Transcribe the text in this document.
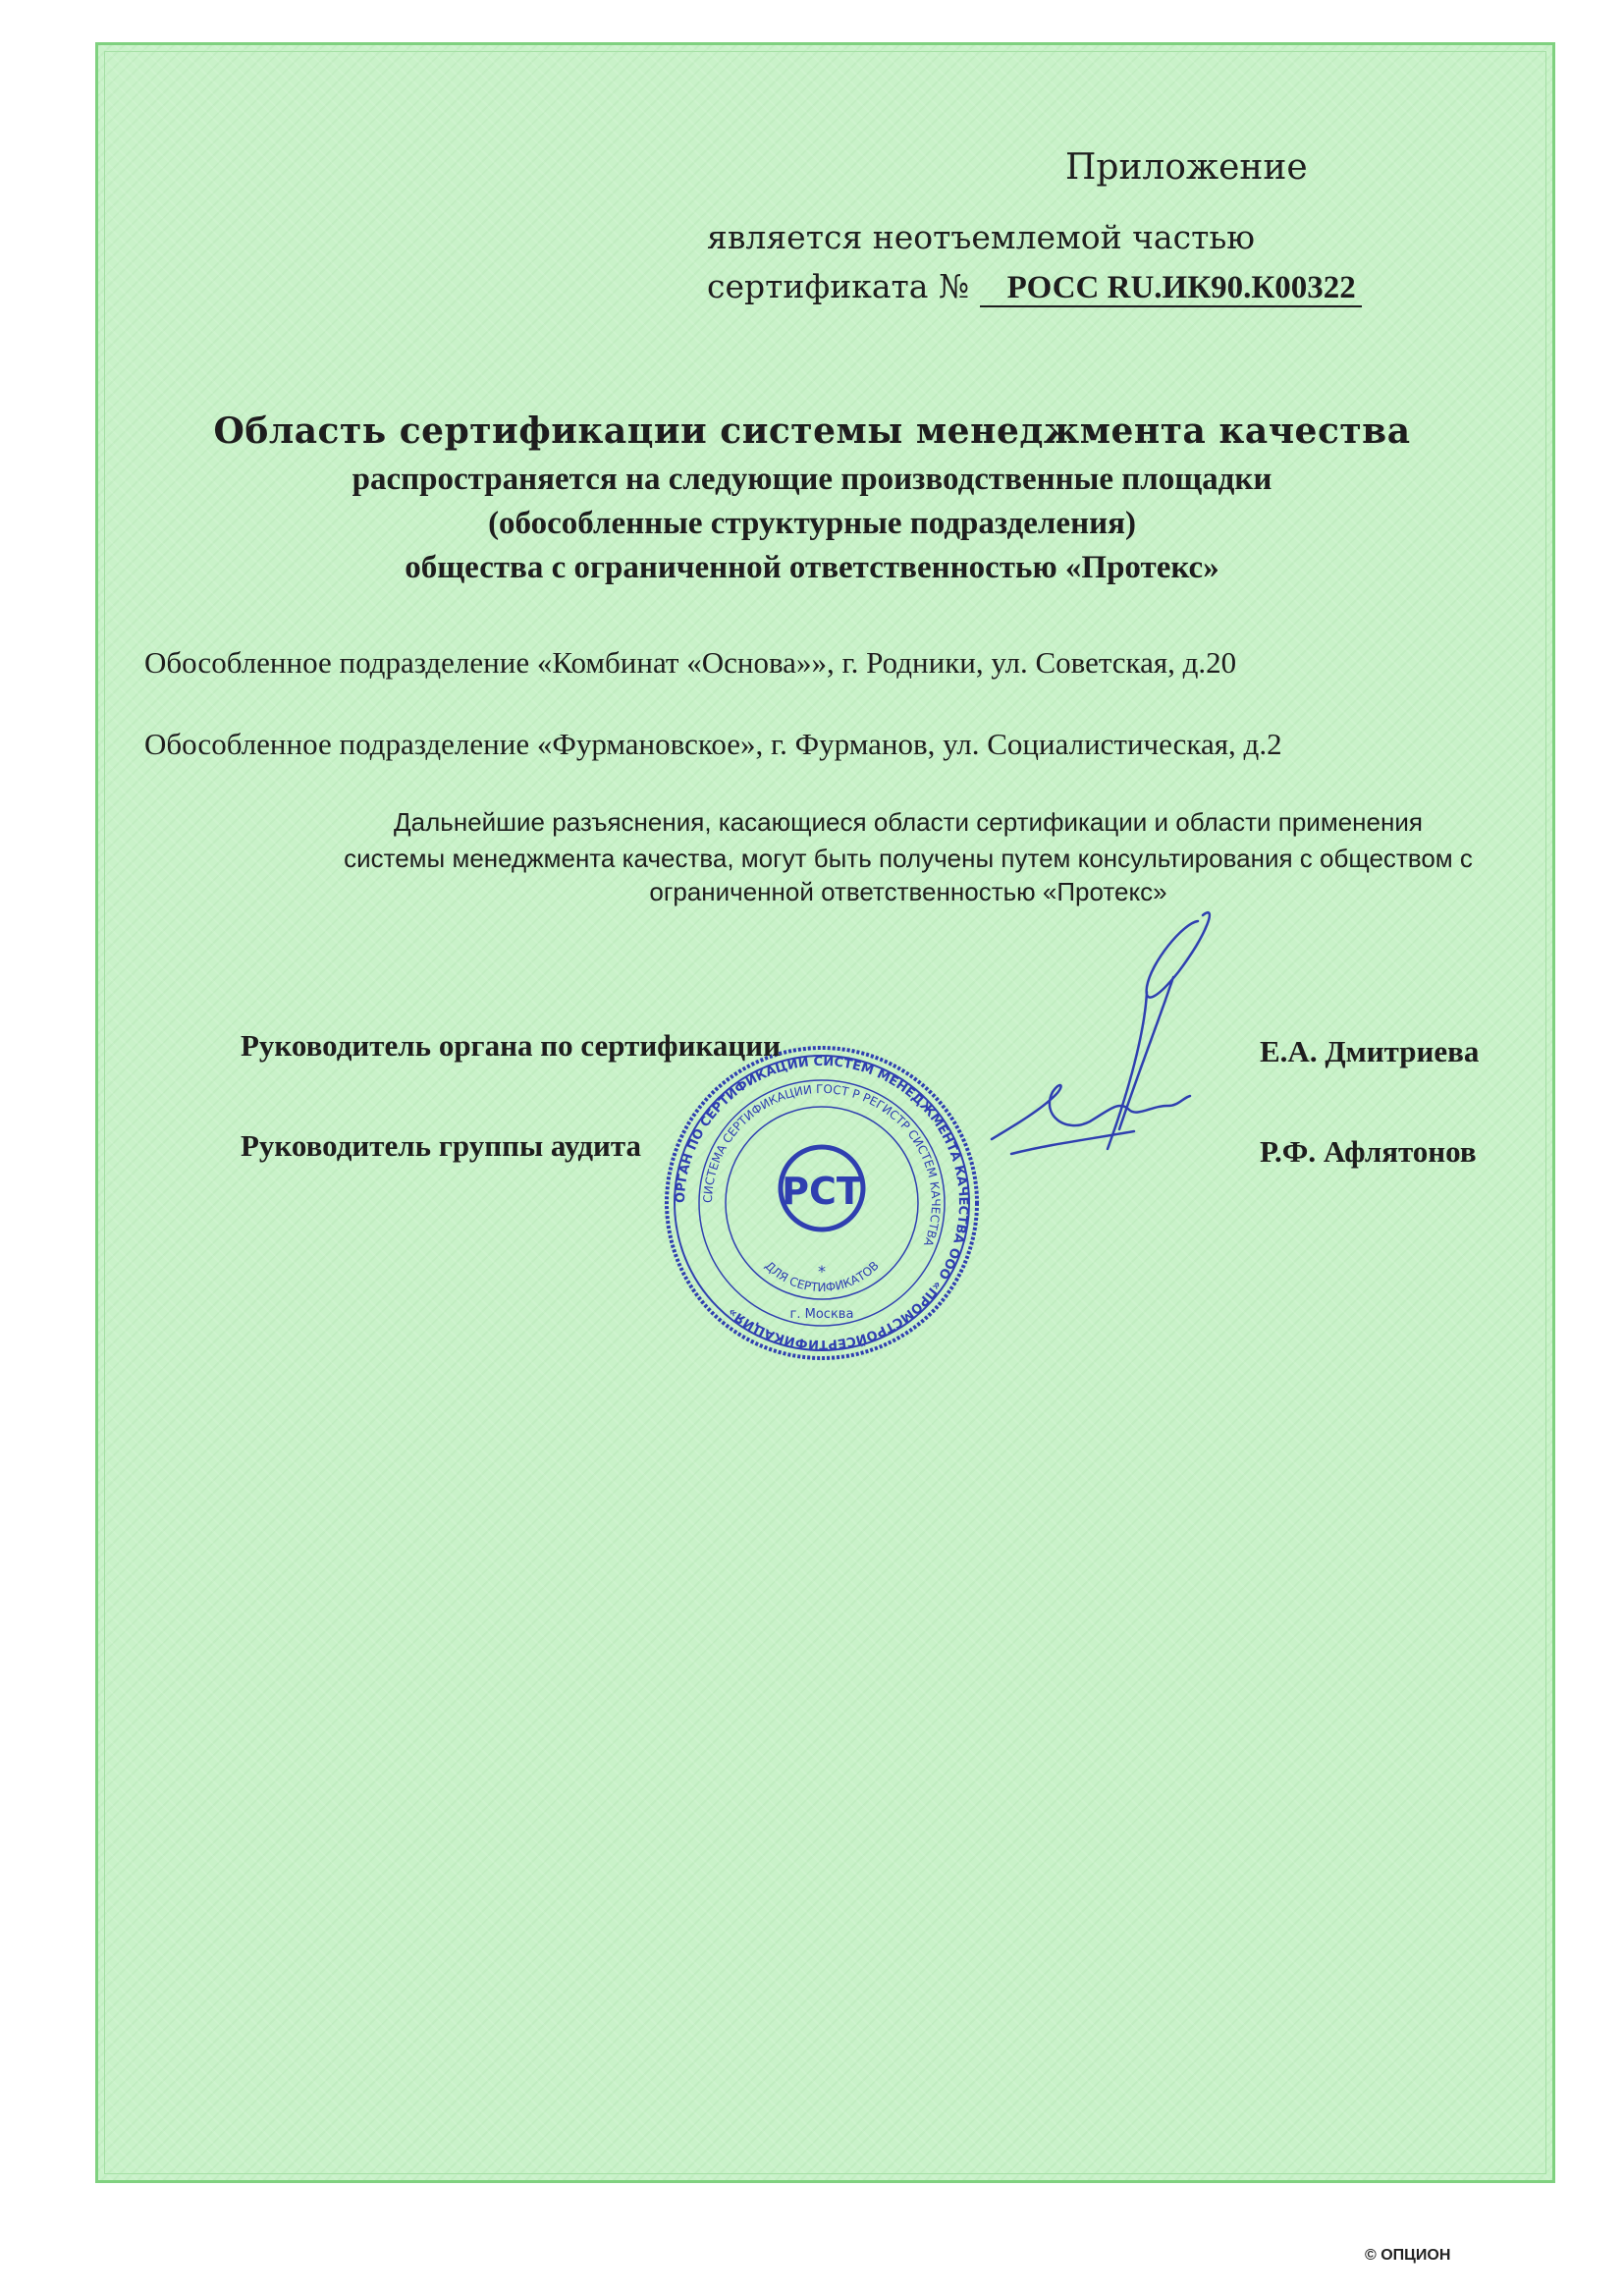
Приложение
является неотъемлемой частью
сертификата № РОСС RU.ИК90.К00322
Область сертификации системы менеджмента качества
распространяется на следующие производственные площадки
(обособленные структурные подразделения)
общества с ограниченной ответственностью «Протекс»
Обособленное подразделение «Комбинат «Основа»», г. Родники, ул. Советская, д.20
Обособленное подразделение «Фурмановское», г. Фурманов, ул. Социалистическая, д.2
Дальнейшие разъяснения, касающиеся области сертификации и области применения
системы менеджмента качества, могут быть получены путем консультирования с обществом с
ограниченной ответственностью «Протекс»
ОРГАН ПО СЕРТИФИКАЦИИ СИСТЕМ МЕНЕДЖМЕНТА КАЧЕСТВА ООО «ПРОМСТРОЙСЕРТИФИКАЦИЯ»
СИСТЕМА СЕРТИФИКАЦИИ ГОСТ Р РЕГИСТР СИСТЕМ КАЧЕСТВА
РСТ
ДЛЯ СЕРТИФИКАТОВ
г. Москва
*
Руководитель органа по сертификации	Е.А. Дмитриева
Руководитель группы аудита	Р.Ф. Афлятонов
© ОПЦИОН
